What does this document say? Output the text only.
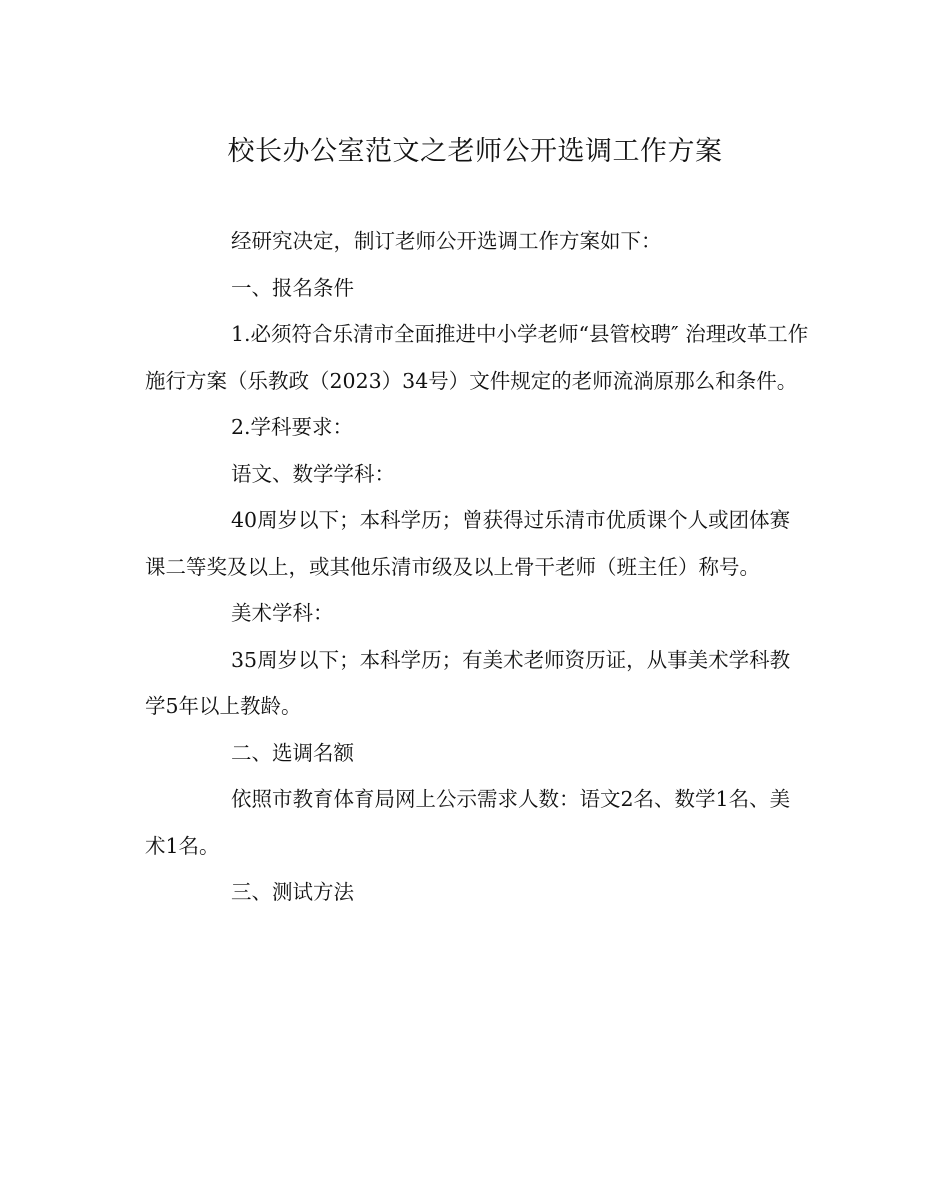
校长办公室范文之老师公开选调工作方案

经研究决定，制订老师公开选调工作方案如下：

一、报名条件

1.必须符合乐清市全面推进中小学老师“县管校聘″ 治理改革工作施行方案（乐教政（2023）34号）文件规定的老师流淌原那么和条件。

2.学科要求：

语文、数学学科：

40周岁以下；本科学历；曾获得过乐清市优质课个人或团体赛课二等奖及以上，或其他乐清市级及以上骨干老师（班主任）称号。

美术学科：

35周岁以下；本科学历；有美术老师资历证，从事美术学科教学5年以上教龄。

二、选调名额

依照市教育体育局网上公示需求人数：语文2名、数学1名、美术1名。

三、测试方法
